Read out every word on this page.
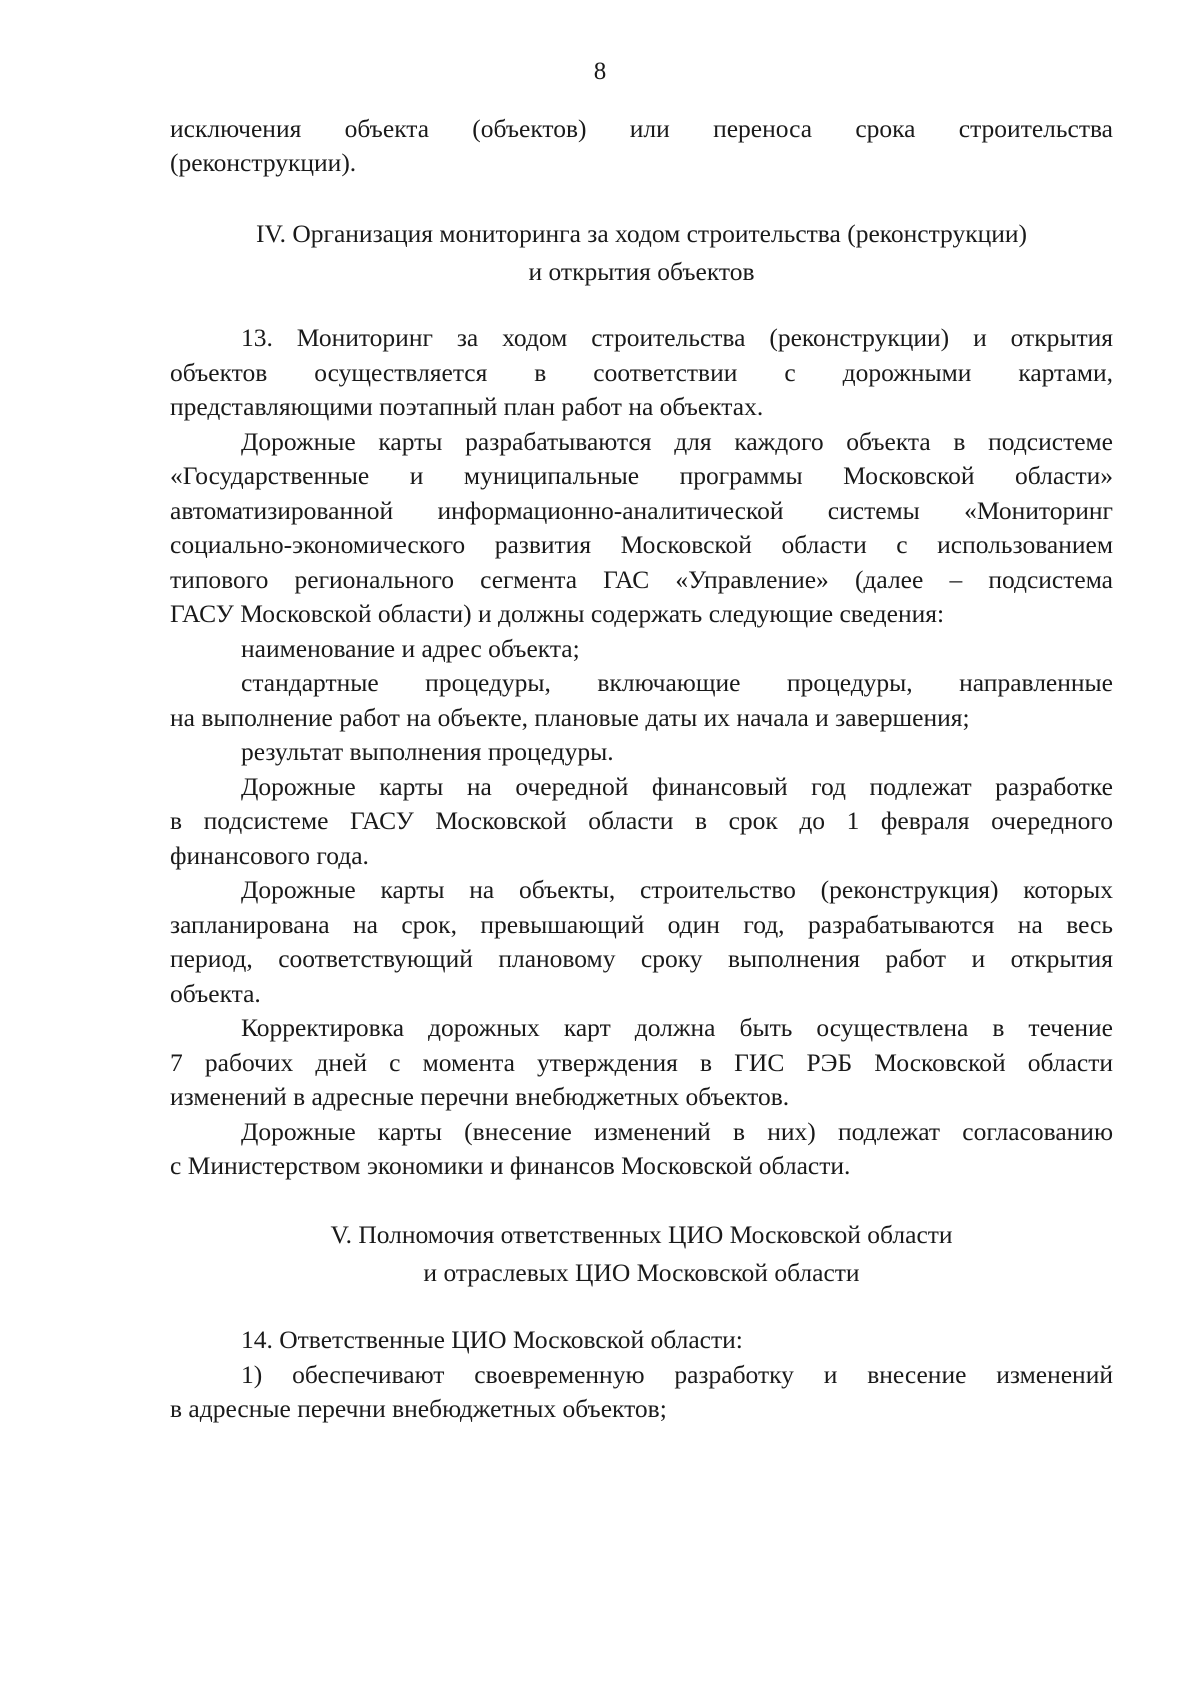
8

исключения объекта (объектов) или переноса срока строительства

(реконструкции).

IV. Организация мониторинга за ходом строительства (реконструкции)

и открытия объектов

13. Мониторинг за ходом строительства (реконструкции) и открытия

объектов осуществляется в соответствии с дорожными картами,

представляющими поэтапный план работ на объектах.

Дорожные карты разрабатываются для каждого объекта в подсистеме

«Государственные и муниципальные программы Московской области»

автоматизированной информационно-аналитической системы «Мониторинг

социально-экономического развития Московской области с использованием

типового регионального сегмента ГАС «Управление» (далее – подсистема

ГАСУ Московской области) и должны содержать следующие сведения:

наименование и адрес объекта;

стандартные процедуры, включающие процедуры, направленные

на выполнение работ на объекте, плановые даты их начала и завершения;

результат выполнения процедуры.

Дорожные карты на очередной финансовый год подлежат разработке

в подсистеме ГАСУ Московской области в срок до 1 февраля очередного

финансового года.

Дорожные карты на объекты, строительство (реконструкция) которых

запланирована на срок, превышающий один год, разрабатываются на весь

период, соответствующий плановому сроку выполнения работ и открытия

объекта.

Корректировка дорожных карт должна быть осуществлена в течение

7 рабочих дней с момента утверждения в ГИС РЭБ Московской области

изменений в адресные перечни внебюджетных объектов.

Дорожные карты (внесение изменений в них) подлежат согласованию

с Министерством экономики и финансов Московской области.

V. Полномочия ответственных ЦИО Московской области

и отраслевых ЦИО Московской области

14. Ответственные ЦИО Московской области:

1) обеспечивают своевременную разработку и внесение изменений

в адресные перечни внебюджетных объектов;
